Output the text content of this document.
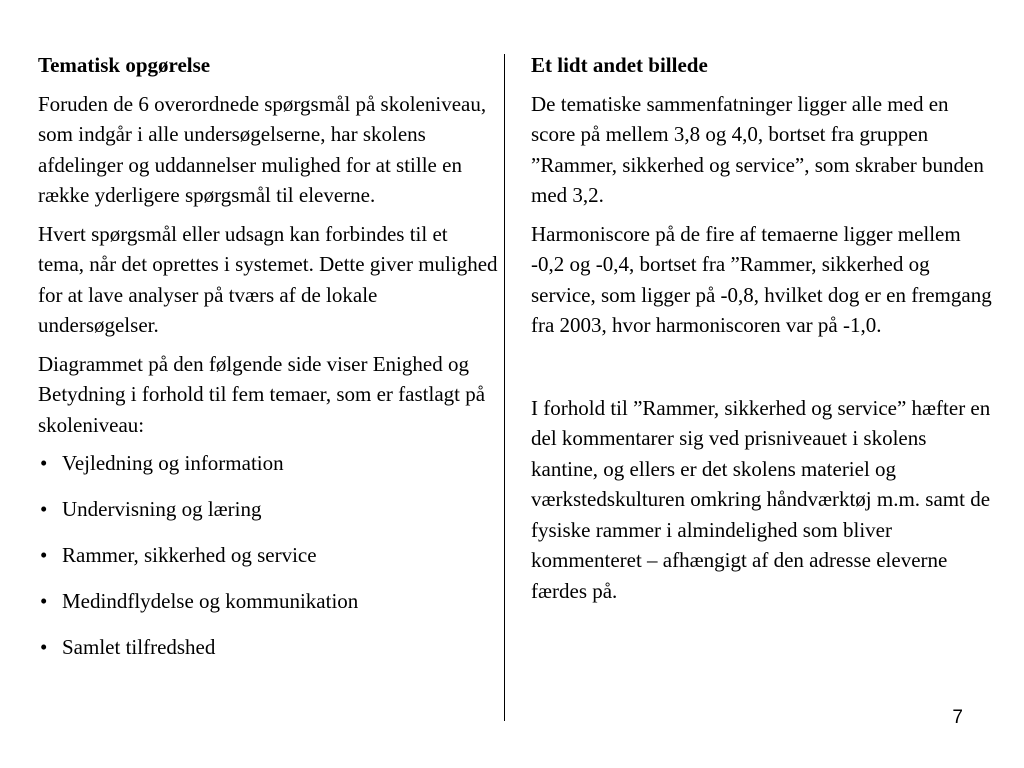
Tematisk opgørelse
Foruden de 6 overordnede spørgsmål på skoleniveau, som indgår i alle undersøgelserne, har skolens afdelinger og uddannelser mulighed for at stille en række yderligere spørgsmål til eleverne.
Hvert spørgsmål eller udsagn kan forbindes til et tema, når det oprettes i systemet. Dette giver mulighed for at lave analyser på tværs af de lokale undersøgelser.
Diagrammet på den følgende side viser Enighed og Betydning i forhold til fem temaer, som er fastlagt på skoleniveau:
• Vejledning og information
• Undervisning og læring
• Rammer, sikkerhed og service
• Medindflydelse og kommunikation
• Samlet tilfredshed
Et lidt andet billede
De tematiske sammenfatninger ligger alle med en score på mellem 3,8 og 4,0, bortset fra gruppen ”Rammer, sikkerhed og service”, som skraber bunden med 3,2.
Harmoniscore på de fire af temaerne ligger mellem -0,2 og -0,4, bortset fra ”Rammer, sikkerhed og service, som ligger på -0,8, hvilket dog er en fremgang fra 2003, hvor harmoniscoren var på -1,0.
I forhold til ”Rammer, sikkerhed og service” hæfter en del kommentarer sig ved prisniveauet i skolens kantine, og ellers er det skolens materiel og værkstedskulturen omkring håndværktøj m.m. samt de fysiske rammer i almindelighed som bliver kommenteret – afhængigt af den adresse eleverne færdes på.
7
